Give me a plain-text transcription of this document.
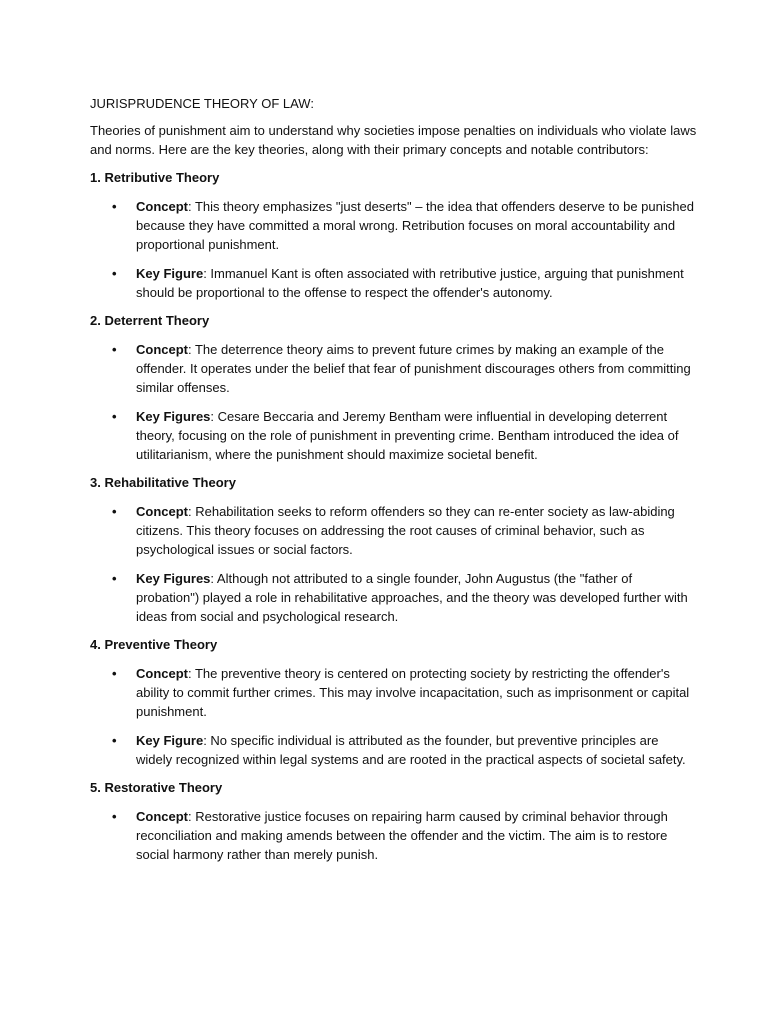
JURISPRUDENCE THEORY OF LAW:

Theories of punishment aim to understand why societies impose penalties on individuals who violate laws and norms. Here are the key theories, along with their primary concepts and notable contributors:

1. Retributive Theory
• Concept: This theory emphasizes "just deserts" – the idea that offenders deserve to be punished because they have committed a moral wrong. Retribution focuses on moral accountability and proportional punishment.
• Key Figure: Immanuel Kant is often associated with retributive justice, arguing that punishment should be proportional to the offense to respect the offender's autonomy.
2. Deterrent Theory
• Concept: The deterrence theory aims to prevent future crimes by making an example of the offender. It operates under the belief that fear of punishment discourages others from committing similar offenses.
• Key Figures: Cesare Beccaria and Jeremy Bentham were influential in developing deterrent theory, focusing on the role of punishment in preventing crime. Bentham introduced the idea of utilitarianism, where the punishment should maximize societal benefit.
3. Rehabilitative Theory
• Concept: Rehabilitation seeks to reform offenders so they can re-enter society as law-abiding citizens. This theory focuses on addressing the root causes of criminal behavior, such as psychological issues or social factors.
• Key Figures: Although not attributed to a single founder, John Augustus (the "father of probation") played a role in rehabilitative approaches, and the theory was developed further with ideas from social and psychological research.
4. Preventive Theory
• Concept: The preventive theory is centered on protecting society by restricting the offender's ability to commit further crimes. This may involve incapacitation, such as imprisonment or capital punishment.
• Key Figure: No specific individual is attributed as the founder, but preventive principles are widely recognized within legal systems and are rooted in the practical aspects of societal safety.
5. Restorative Theory
• Concept: Restorative justice focuses on repairing harm caused by criminal behavior through reconciliation and making amends between the offender and the victim. The aim is to restore social harmony rather than merely punish.
